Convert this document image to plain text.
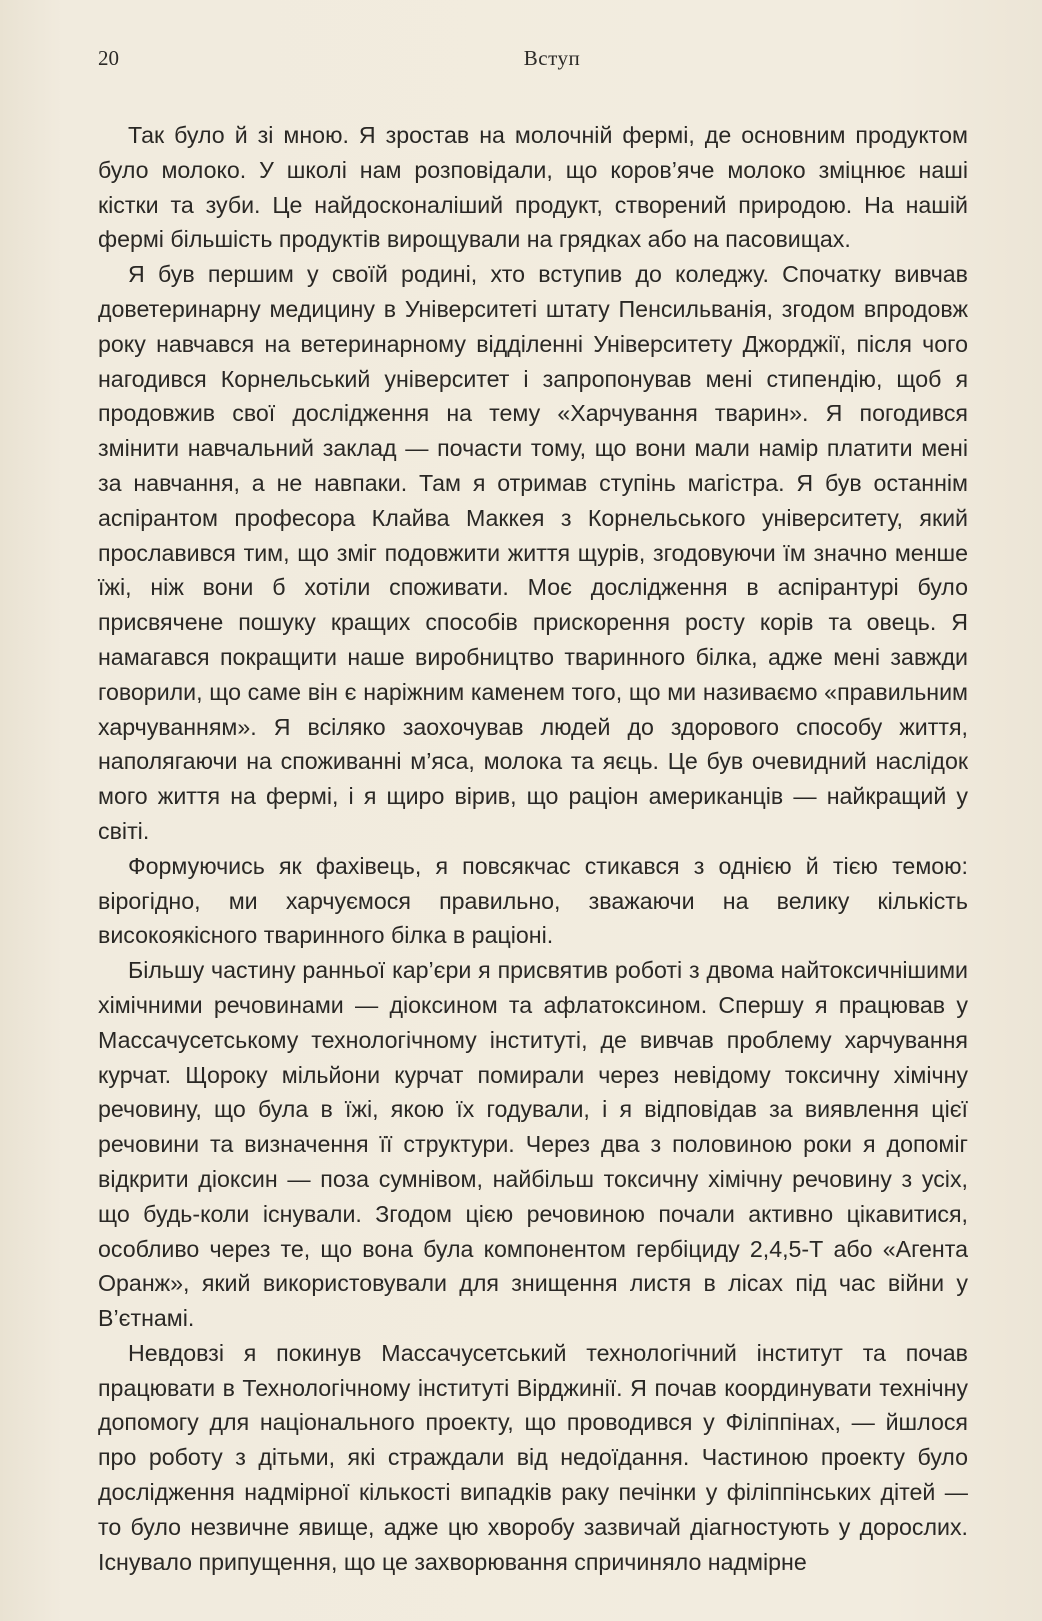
20	Вступ

Так було й зі мною. Я зростав на молочній фермі, де основним продуктом було молоко. У школі нам розповідали, що коров’яче молоко зміцнює наші кістки та зуби. Це найдосконаліший продукт, створений природою. На нашій фермі більшість продуктів вирощували на грядках або на пасовищах.

Я був першим у своїй родині, хто вступив до коледжу. Спочатку вивчав доветеринарну медицину в Університеті штату Пенсильванія, згодом впродовж року навчався на ветеринарному відділенні Університету Джорджії, після чого нагодився Корнельський університет і запропонував мені стипендію, щоб я продовжив свої дослідження на тему «Харчування тварин». Я погодився змінити навчальний заклад — почасти тому, що вони мали намір платити мені за навчання, а не навпаки. Там я отримав ступінь магістра. Я був останнім аспірантом професора Клайва Маккея з Корнельського університету, який прославився тим, що зміг подовжити життя щурів, згодовуючи їм значно менше їжі, ніж вони б хотіли споживати. Моє дослідження в аспірантурі було присвячене пошуку кращих способів прискорення росту корів та овець. Я намагався покращити наше виробництво тваринного білка, адже мені завжди говорили, що саме він є наріжним каменем того, що ми називаємо «правильним харчуванням». Я всіляко заохочував людей до здорового способу життя, наполягаючи на споживанні м’яса, молока та яєць. Це був очевидний наслідок мого життя на фермі, і я щиро вірив, що раціон американців — найкращий у світі.

Формуючись як фахівець, я повсякчас стикався з однією й тією темою: вірогідно, ми харчуємося правильно, зважаючи на велику кількість високоякісного тваринного білка в раціоні.

Більшу частину ранньої кар’єри я присвятив роботі з двома найтоксичнішими хімічними речовинами — діоксином та афлатоксином. Спершу я працював у Массачусетському технологічному інституті, де вивчав проблему харчування курчат. Щороку мільйони курчат помирали через невідому токсичну хімічну речовину, що була в їжі, якою їх годували, і я відповідав за виявлення цієї речовини та визначення її структури. Через два з половиною роки я допоміг відкрити діоксин — поза сумнівом, найбільш токсичну хімічну речовину з усіх, що будь-коли існували. Згодом цією речовиною почали активно цікавитися, особливо через те, що вона була компонентом гербіциду 2,4,5-Т або «Агента Оранж», який використовували для знищення листя в лісах під час війни у В’єтнамі.

Невдовзі я покинув Массачусетський технологічний інститут та почав працювати в Технологічному інституті Вірджинії. Я почав координувати технічну допомогу для національного проекту, що проводився у Філіппінах, — йшлося про роботу з дітьми, які страждали від недоїдання. Частиною проекту було дослідження надмірної кількості випадків раку печінки у філіппінських дітей — то було незвичне явище, адже цю хворобу зазвичай діагностують у дорослих. Існувало припущення, що це захворювання спричиняло надмірне
